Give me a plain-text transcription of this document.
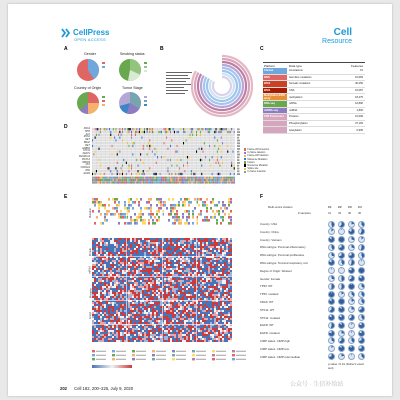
CellPress
OPEN ACCESS
Cell
Resource
A	B	C
D
E	F
Gender	Smoking status
Country of Origin	Tumor Stage
Platform	Data type	Features
Clinical	Annotations	15
WES	Germline mutations	16,683
WGS	Somatic mutations	30,250
WGS	CNA	16,087
Methylation EPIC array	methylation	18,475
RNA-seq	mRNA	16,890
miRNA-seq	miRNA	1,800
TMT Proteomics	Proteins	10,699
Phosphorylation	37,169
Acetylation	6,905
KRAS
TP53
ALK
ROS1
RET
BRAF
MET
ERBB2
STK11
KEAP1
SMARCA4
PIK3CA
RBM10
NF1
CDKN2A
RB1
EGFR
Frame-shift insertion
In-frame deletion
Frame-shift deletion
Missense Mutation
Fusion
Nonsense Mutation
Splice site
In-frame insertion
Mutation
Protein
mRNA
Phospho
Acetyl
Multi-omics clusters	C1 C2 C3 C4
# samples	31 33 30 30
Country: USA
Country: China
Country: Vietnam
RNA subtype: Proximal-inflammatory
RNA subtype: Proximal-proliferative
RNA subtype: Terminal respiratory unit
Region of Origin: Western
Gender: Female
TP53: WT
TP53: mutated
KRAS: WT
STK11: WT
STK11: mutated
EGFR: WT
EGFR: mutated
CIMP status: CIMP-high
CIMP status: CIMP-low
CIMP status: CIMP-intermediate
p-value <0.01 (Fisher's exact test)
202 Cell 182, 200–225, July 9, 2020
公众号 · 生信补给站
